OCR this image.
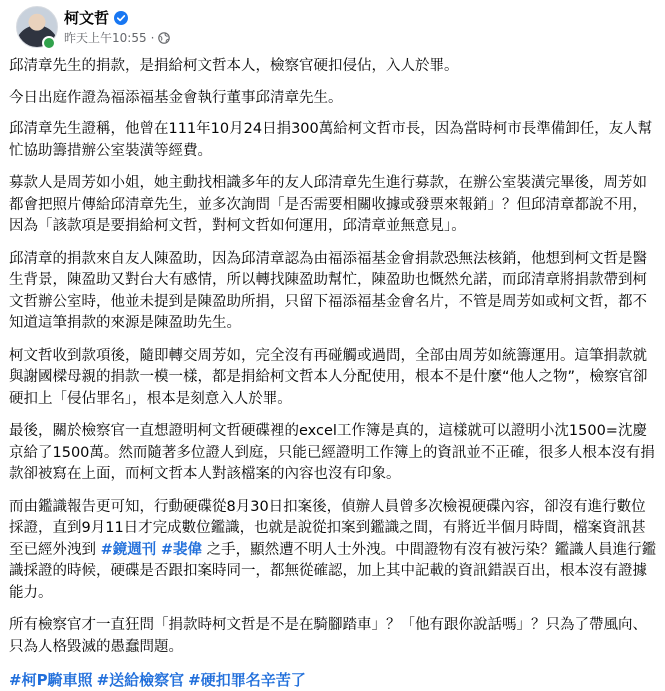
柯文哲
昨天上午10:55 ·

邱清章先生的捐款，是捐給柯文哲本人，檢察官硬扣侵佔，入人於罪。

今日出庭作證為福添福基金會執行董事邱清章先生。

邱清章先生證稱，他曾在111年10月24日捐300萬給柯文哲市長，因為當時柯市長準備卸任，友人幫忙協助籌措辦公室裝潢等經費。

募款人是周芳如小姐，她主動找相識多年的友人邱清章先生進行募款，在辦公室裝潢完畢後，周芳如都會把照片傳給邱清章先生，並多次詢問「是否需要相關收據或發票來報銷」？但邱清章都說不用，因為「該款項是要捐給柯文哲，對柯文哲如何運用，邱清章並無意見」。

邱清章的捐款來自友人陳盈助，因為邱清章認為由福添福基金會捐款恐無法核銷，他想到柯文哲是醫生背景，陳盈助又對台大有感情，所以轉找陳盈助幫忙，陳盈助也慨然允諾，而邱清章將捐款帶到柯文哲辦公室時，他並未提到是陳盈助所捐，只留下福添福基金會名片，不管是周芳如或柯文哲，都不知道這筆捐款的來源是陳盈助先生。

柯文哲收到款項後，隨即轉交周芳如，完全沒有再碰觸或過問，全部由周芳如統籌運用。這筆捐款就與謝國樑母親的捐款一模一樣，都是捐給柯文哲本人分配使用，根本不是什麼“他人之物”，檢察官卻硬扣上「侵佔罪名」，根本是刻意入人於罪。

最後，關於檢察官一直想證明柯文哲硬碟裡的excel工作簿是真的，這樣就可以證明小沈1500=沈慶京給了1500萬。然而隨著多位證人到庭，只能已經證明工作簿上的資訊並不正確，很多人根本沒有捐款卻被寫在上面，而柯文哲本人對該檔案的內容也沒有印象。

而由鑑識報告更可知，行動硬碟從8月30日扣案後，偵辦人員曾多次檢視硬碟內容，卻沒有進行數位採證，直到9月11日才完成數位鑑識，也就是說從扣案到鑑識之間，有將近半個月時間，檔案資訊甚至已經外洩到 #鏡週刊 #裴偉 之手，顯然遭不明人士外洩。中間證物有沒有被污染？鑑識人員進行鑑識採證的時候，硬碟是否跟扣案時同一，都無從確認，加上其中記載的資訊錯誤百出，根本沒有證據能力。

所有檢察官才一直狂問「捐款時柯文哲是不是在騎腳踏車」？「他有跟你說話嗎」？只為了帶風向、只為人格毀滅的愚蠢問題。

#柯P騎車照 #送給檢察官 #硬扣罪名辛苦了
